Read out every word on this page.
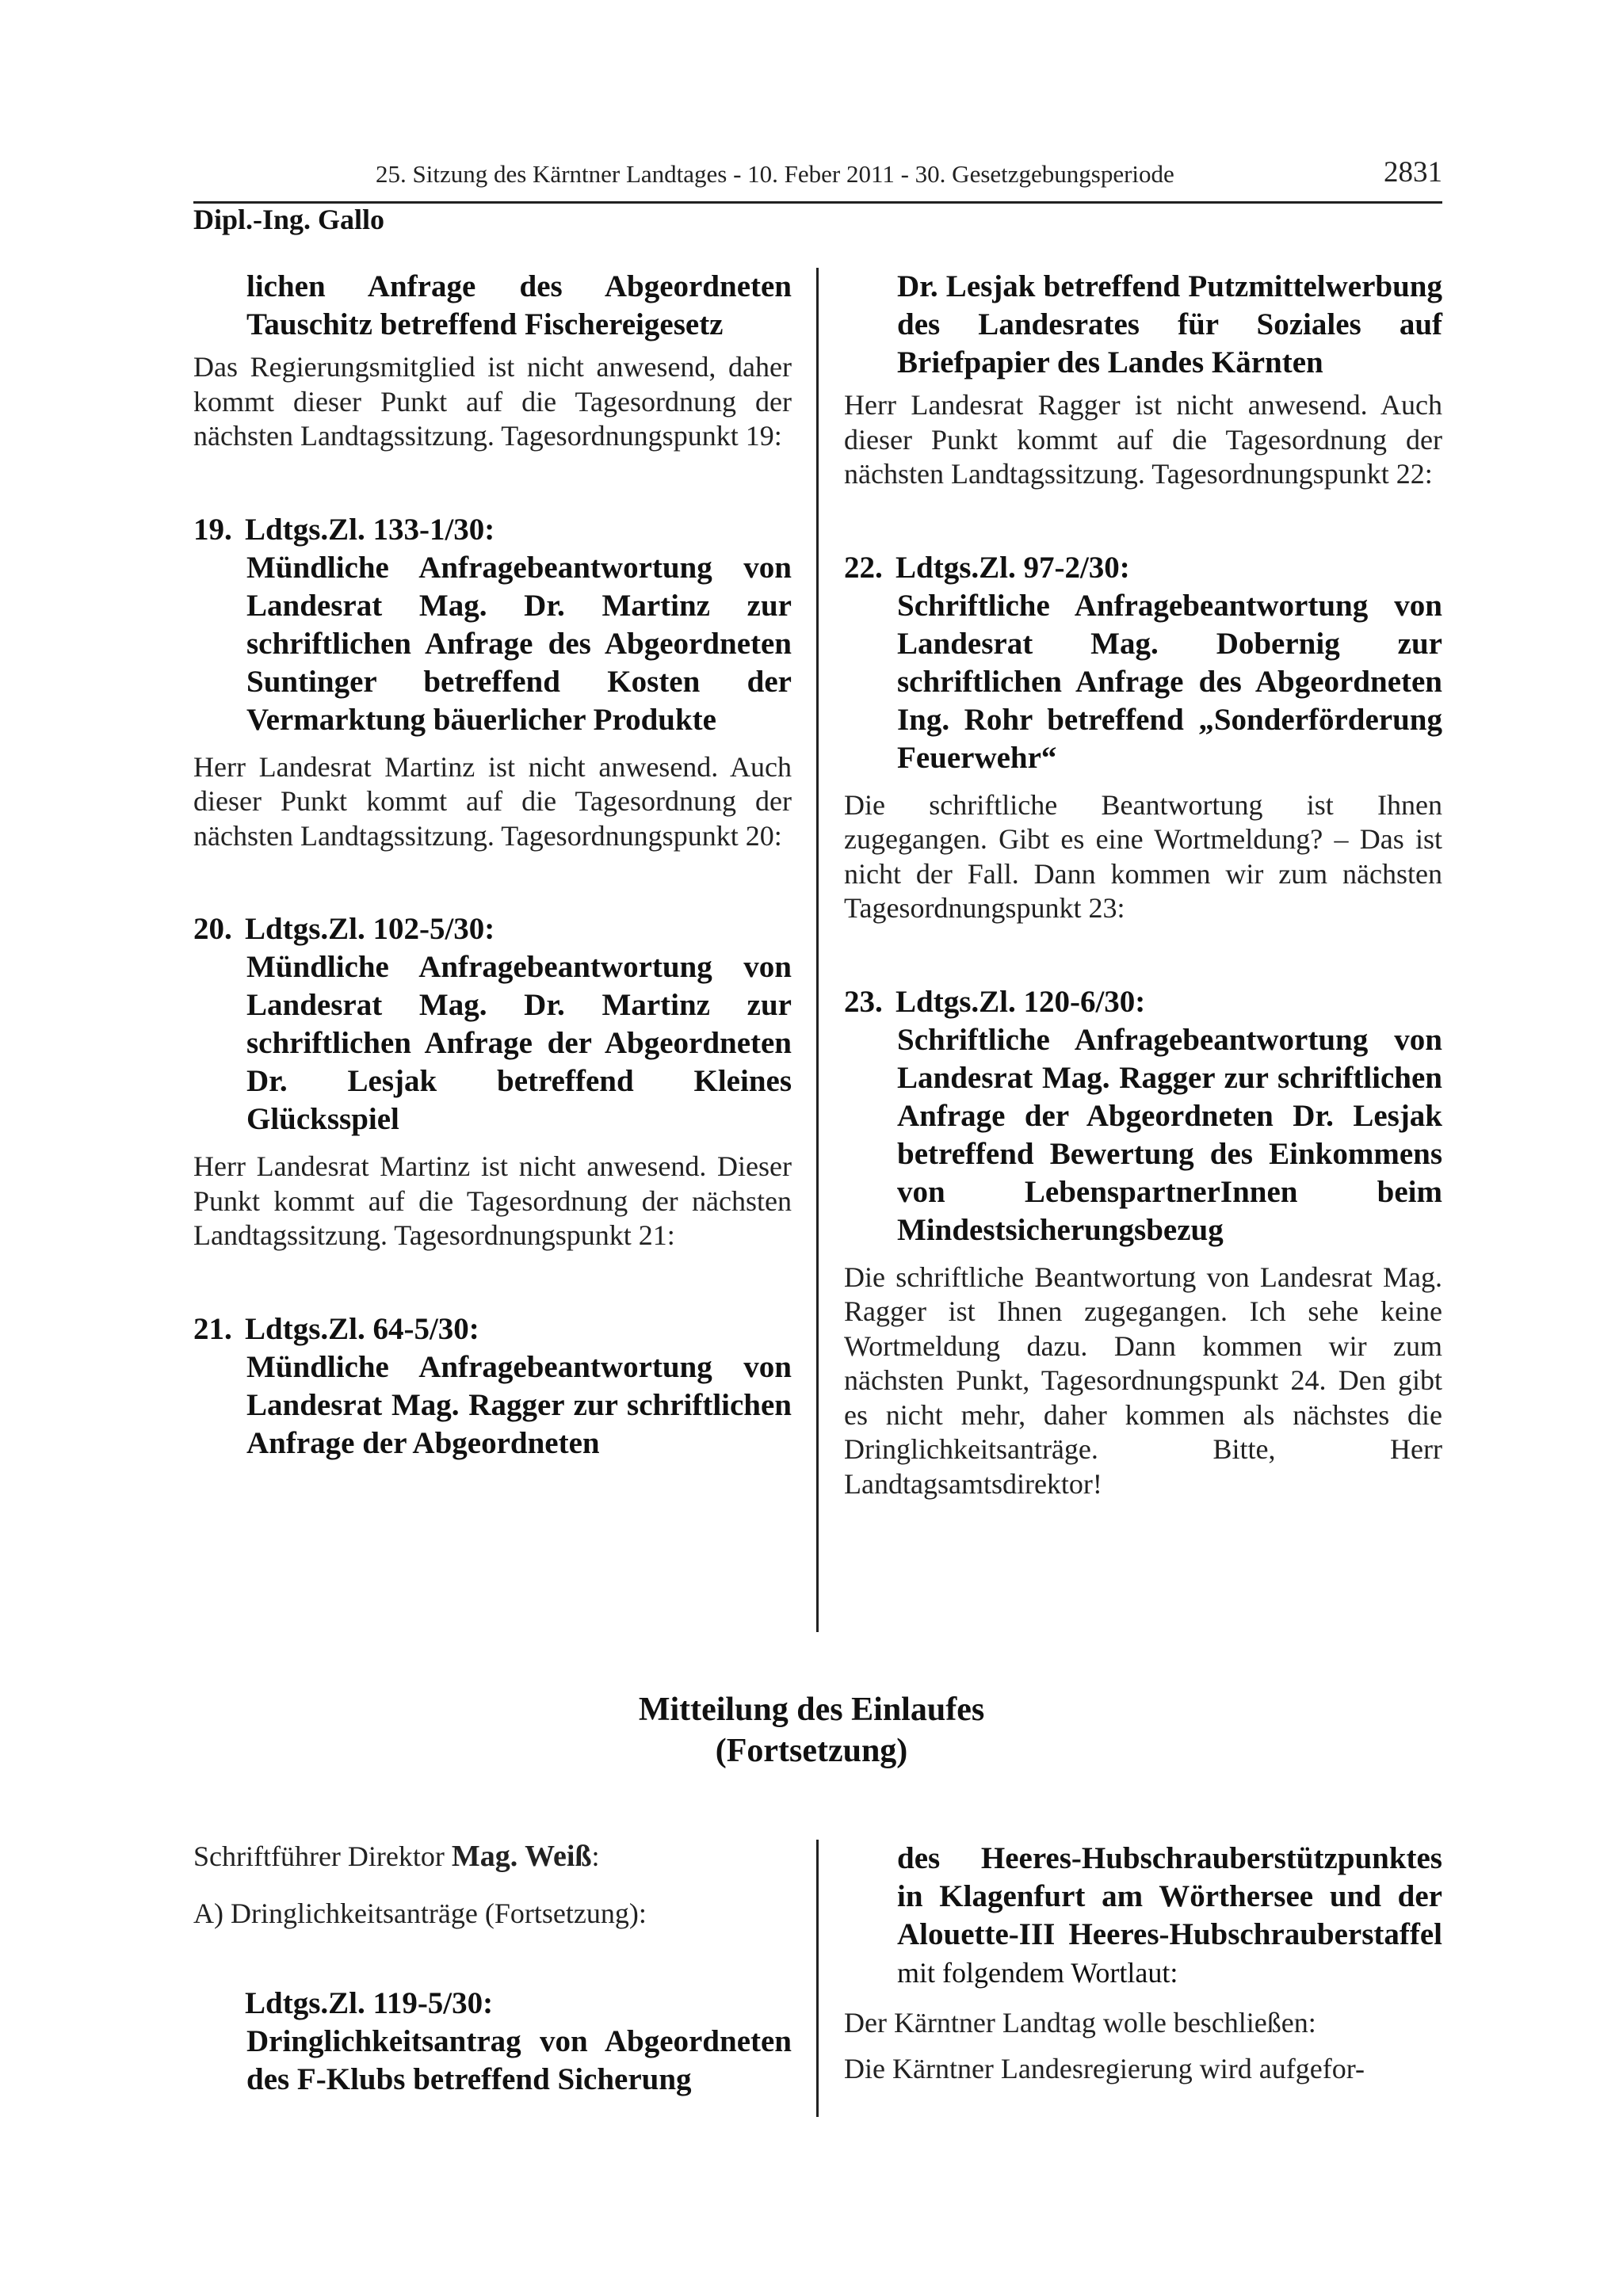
25. Sitzung des Kärntner Landtages - 10. Feber 2011 - 30. Gesetzgebungsperiode	2831
Dipl.-Ing. Gallo

lichen Anfrage des Abgeordneten Tauschitz betreffend Fischereigesetz

Das Regierungsmitglied ist nicht anwesend, daher kommt dieser Punkt auf die Tagesordnung der nächsten Landtagssitzung. Tagesordnungspunkt 19:

19. Ldtgs.Zl. 133-1/30:
Mündliche Anfragebeantwortung von Landesrat Mag. Dr. Martinz zur schriftlichen Anfrage des Abgeordneten Suntinger betreffend Kosten der Vermarktung bäuerlicher Produkte

Herr Landesrat Martinz ist nicht anwesend. Auch dieser Punkt kommt auf die Tagesordnung der nächsten Landtagssitzung. Tagesordnungspunkt 20:

20. Ldtgs.Zl. 102-5/30:
Mündliche Anfragebeantwortung von Landesrat Mag. Dr. Martinz zur schriftlichen Anfrage der Abgeordneten Dr. Lesjak betreffend Kleines Glücksspiel

Herr Landesrat Martinz ist nicht anwesend. Dieser Punkt kommt auf die Tagesordnung der nächsten Landtagssitzung. Tagesordnungspunkt 21:

21. Ldtgs.Zl. 64-5/30:
Mündliche Anfragebeantwortung von Landesrat Mag. Ragger zur schriftlichen Anfrage der Abgeordneten

Dr. Lesjak betreffend Putzmittelwerbung des Landesrates für Soziales auf Briefpapier des Landes Kärnten

Herr Landesrat Ragger ist nicht anwesend. Auch dieser Punkt kommt auf die Tagesordnung der nächsten Landtagssitzung. Tagesordnungspunkt 22:

22. Ldtgs.Zl. 97-2/30:
Schriftliche Anfragebeantwortung von Landesrat Mag. Dobernig zur schriftlichen Anfrage des Abgeordneten Ing. Rohr betreffend „Sonderförderung Feuerwehr“

Die schriftliche Beantwortung ist Ihnen zugegangen. Gibt es eine Wortmeldung? – Das ist nicht der Fall. Dann kommen wir zum nächsten Tagesordnungspunkt 23:

23. Ldtgs.Zl. 120-6/30:
Schriftliche Anfragebeantwortung von Landesrat Mag. Ragger zur schriftlichen Anfrage der Abgeordneten Dr. Lesjak betreffend Bewertung des Einkommens von LebenspartnerInnen beim Mindestsicherungsbezug

Die schriftliche Beantwortung von Landesrat Mag. Ragger ist Ihnen zugegangen. Ich sehe keine Wortmeldung dazu. Dann kommen wir zum nächsten Punkt, Tagesordnungspunkt 24. Den gibt es nicht mehr, daher kommen als nächstes die Dringlichkeitsanträge. Bitte, Herr Landtagsamtsdirektor!

Mitteilung des Einlaufes
(Fortsetzung)

Schriftführer Direktor Mag. Weiß:

A) Dringlichkeitsanträge (Fortsetzung):

Ldtgs.Zl. 119-5/30:
Dringlichkeitsantrag von Abgeordneten des F-Klubs betreffend Sicherung

des Heeres-Hubschrauberstützpunktes in Klagenfurt am Wörthersee und der Alouette-III Heeres-Hubschrauberstaffel mit folgendem Wortlaut:

Der Kärntner Landtag wolle beschließen:

Die Kärntner Landesregierung wird aufgefor-
